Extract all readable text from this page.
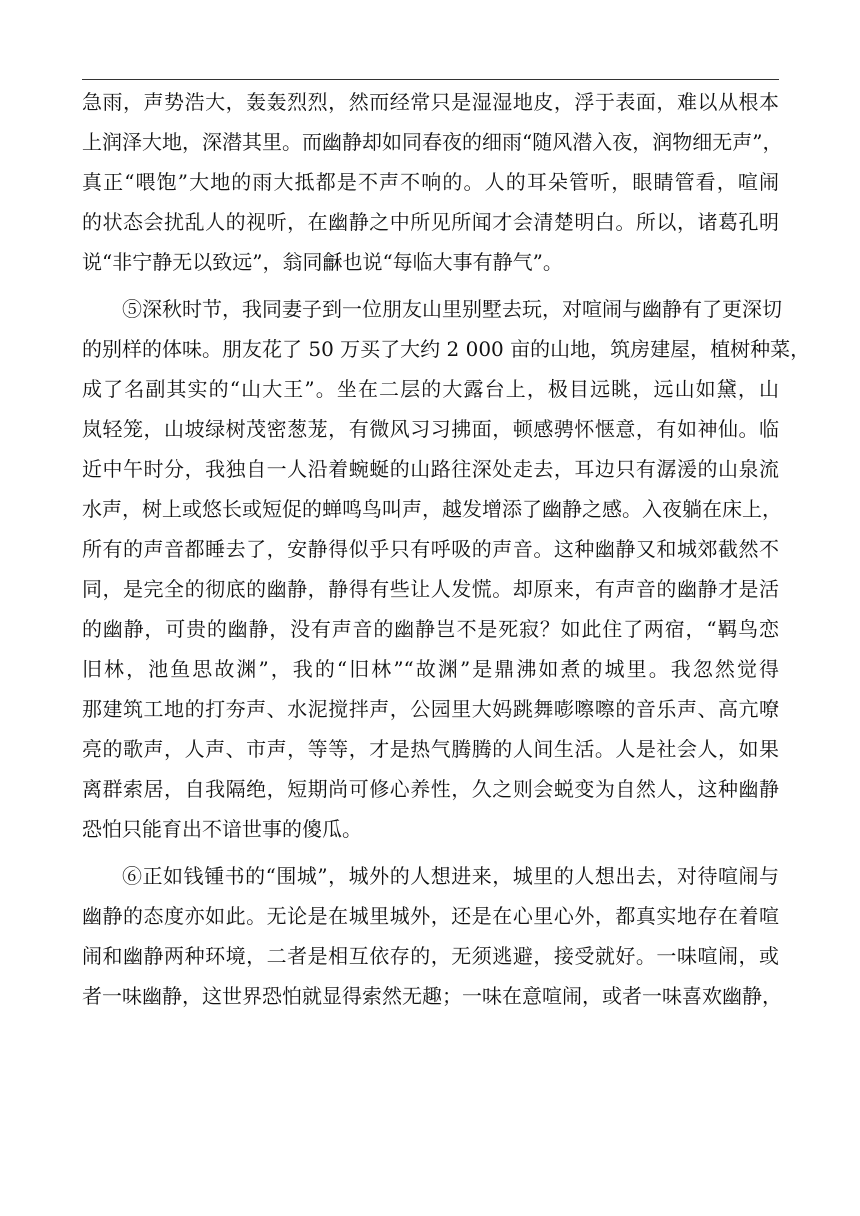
急雨，声势浩大，轰轰烈烈，然而经常只是湿湿地皮，浮于表面，难以从根本
上润泽大地，深潜其里。而幽静却如同春夜的细雨“随风潜入夜，润物细无声”，
真正“喂饱”大地的雨大抵都是不声不响的。人的耳朵管听，眼睛管看，喧闹
的状态会扰乱人的视听，在幽静之中所见所闻才会清楚明白。所以，诸葛孔明
说“非宁静无以致远”，翁同龢也说“每临大事有静气”。
⑤深秋时节，我同妻子到一位朋友山里别墅去玩，对喧闹与幽静有了更深切
的别样的体味。朋友花了 50 万买了大约 2 000 亩的山地，筑房建屋，植树种菜，
成了名副其实的“山大王”。坐在二层的大露台上，极目远眺，远山如黛，山
岚轻笼，山坡绿树茂密葱茏，有微风习习拂面，顿感骋怀惬意，有如神仙。临
近中午时分，我独自一人沿着蜿蜒的山路往深处走去，耳边只有潺湲的山泉流
水声，树上或悠长或短促的蝉鸣鸟叫声，越发增添了幽静之感。入夜躺在床上，
所有的声音都睡去了，安静得似乎只有呼吸的声音。这种幽静又和城郊截然不
同，是完全的彻底的幽静，静得有些让人发慌。却原来，有声音的幽静才是活
的幽静，可贵的幽静，没有声音的幽静岂不是死寂？如此住了两宿，“羁鸟恋
旧林，池鱼思故渊”，我的“旧林”“故渊”是鼎沸如煮的城里。我忽然觉得
那建筑工地的打夯声、水泥搅拌声，公园里大妈跳舞嘭嚓嚓的音乐声、高亢嘹
亮的歌声，人声、市声，等等，才是热气腾腾的人间生活。人是社会人，如果
离群索居，自我隔绝，短期尚可修心养性，久之则会蜕变为自然人，这种幽静
恐怕只能育出不谙世事的傻瓜。
⑥正如钱锺书的“围城”，城外的人想进来，城里的人想出去，对待喧闹与
幽静的态度亦如此。无论是在城里城外，还是在心里心外，都真实地存在着喧
闹和幽静两种环境，二者是相互依存的，无须逃避，接受就好。一味喧闹，或
者一味幽静，这世界恐怕就显得索然无趣；一味在意喧闹，或者一味喜欢幽静，
